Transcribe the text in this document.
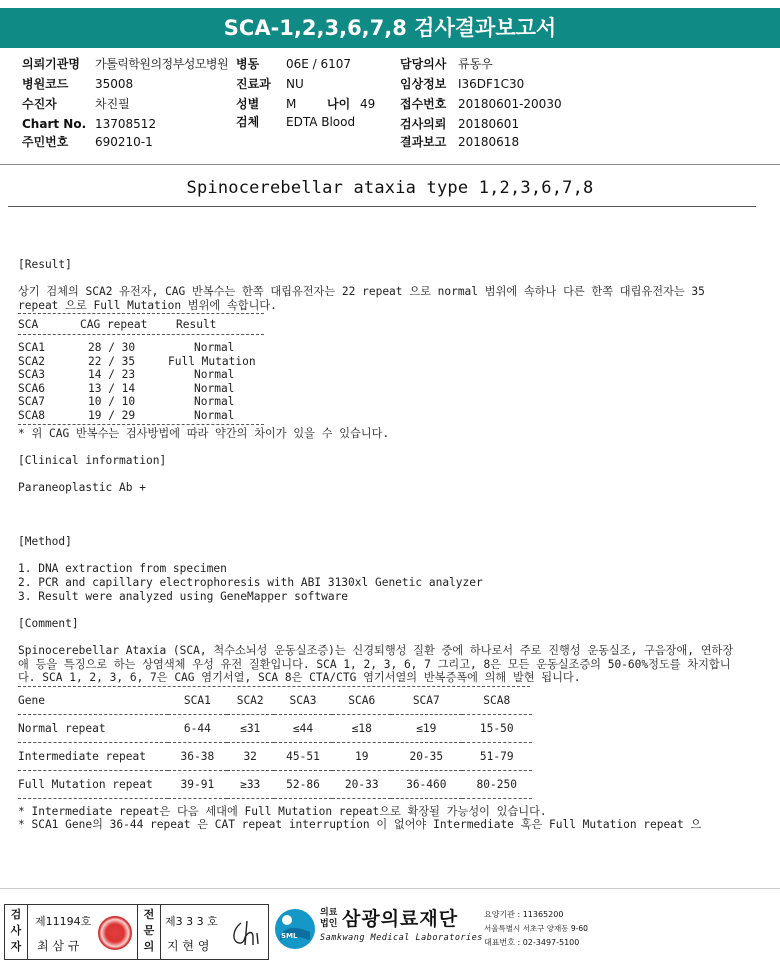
SCA-1,2,3,6,7,8 검사결과보고서
의뢰기관명 가톨릭학원의정부성모병원 병동 06E / 6107	담당의사 류동우
병원코드 35008	진료과 NU	임상정보 I36DF1C30
수진자	차진필	성별 M	나이 49 접수번호 20180601-20030
Chart No. 13708512	검체 EDTA Blood	검사의뢰 20180601
주민번호 690210-1	결과보고 20180618
Spinocerebellar ataxia type 1,2,3,6,7,8
[Result]
상기 검체의 SCA2 유전자, CAG 반복수는 한쪽 대립유전자는 22 repeat 으로 normal 범위에 속하나 다른 한쪽 대립유전자는 35 repeat 으로 Full Mutation 범위에 속합니다.
SCA	CAG repeat	Result
SCA1	28 / 30	Normal
SCA2	22 / 35	Full Mutation
SCA3	14 / 23	Normal
SCA6	13 / 14	Normal
SCA7	10 / 10	Normal
SCA8	19 / 29	Normal
* 위 CAG 반복수는 검사방법에 따라 약간의 차이가 있을 수 있습니다.
[Clinical information]
Paraneoplastic Ab +
[Method]
1. DNA extraction from specimen
2. PCR and capillary electrophoresis with ABI 3130xl Genetic analyzer
3. Result were analyzed using GeneMapper software
[Comment]
Spinocerebellar Ataxia (SCA, 척수소뇌성 운동실조증)는 신경퇴행성 질환 중에 하나로서 주로 진행성 운동실조, 구음장애, 연하장애 등을 특징으로 하는 상염색체 우성 유전 질환입니다. SCA 1, 2, 3, 6, 7 그리고, 8은 모든 운동실조증의 50-60%정도를 차지합니다. SCA 1, 2, 3, 6, 7은 CAG 염기서열, SCA 8은 CTA/CTG 염기서열의 반복증폭에 의해 발현 됩니다.
Gene	SCA1	SCA2	SCA3	SCA6	SCA7	SCA8
Normal repeat	6-44	≤31	≤44	≤18	≤19	15-50
Intermediate repeat	36-38	32	45-51	19	20-35	51-79
Full Mutation repeat	39-91	≥33	52-86	20-33	36-460	80-250
* Intermediate repeat은 다음 세대에 Full Mutation repeat으로 확장될 가능성이 있습니다.
* SCA1 Gene의 36-44 repeat 은 CAT repeat interruption 이 없어야 Intermediate 혹은 Full Mutation repeat 으
검사자
제11194호
최 삼 규
전문의
제3 3 3 호
지 현 영
SML
의료법인 삼광의료재단
Samkwang Medical Laboratories
요양기관 : 11365200
서울특별시 서초구 양재동 9-60
대표번호 : 02-3497-5100
